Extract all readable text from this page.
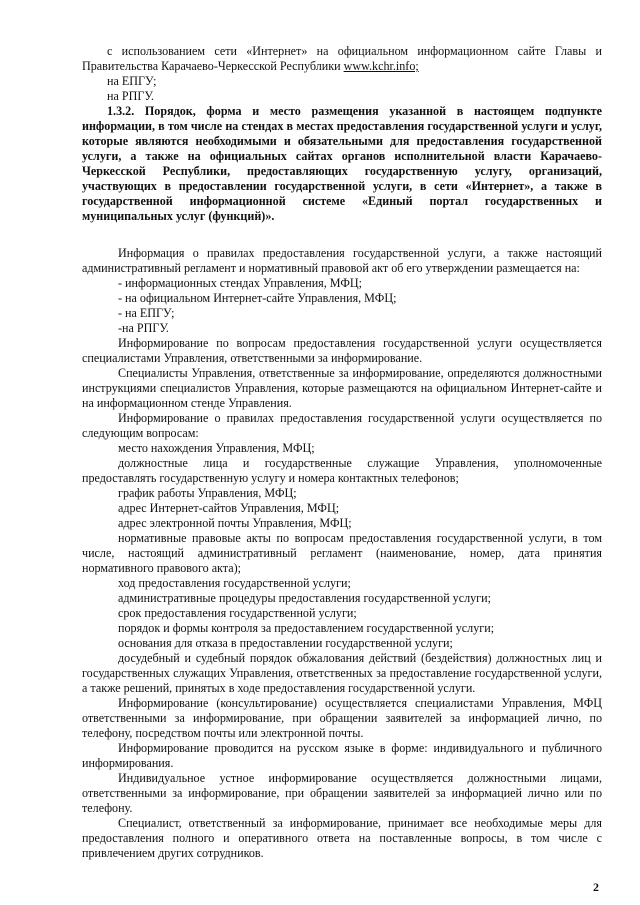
с использованием сети «Интернет» на официальном информационном сайте Главы и Правительства Карачаево-Черкесской Республики www.kchr.info;

на ЕПГУ;

на РПГУ.

1.3.2. Порядок, форма и место размещения указанной в настоящем подпункте информации, в том числе на стендах в местах предоставления государственной услуги и услуг, которые являются необходимыми и обязательными для предоставления государственной услуги, а также на официальных сайтах органов исполнительной власти Карачаево-Черкесской Республики, предоставляющих государственную услугу, организаций, участвующих в предоставлении государственной услуги, в сети «Интернет», а также в государственной информационной системе «Единый портал государственных и муниципальных услуг (функций)».

Информация о правилах предоставления государственной услуги, а также настоящий административный регламент и нормативный правовой акт об его утверждении размещается на:

- информационных стендах Управления, МФЦ;

- на официальном Интернет-сайте Управления, МФЦ;

- на ЕПГУ;

-на РПГУ.

Информирование по вопросам предоставления государственной услуги осуществляется специалистами Управления, ответственными за информирование.

Специалисты Управления, ответственные за информирование, определяются должностными инструкциями специалистов Управления, которые размещаются на официальном Интернет-сайте и на информационном стенде Управления.

Информирование о правилах предоставления государственной услуги осуществляется по следующим вопросам:

место нахождения Управления, МФЦ;

должностные лица и государственные служащие Управления, уполномоченные предоставлять государственную услугу и номера контактных телефонов;

график работы Управления, МФЦ;

адрес Интернет-сайтов Управления, МФЦ;

адрес электронной почты Управления, МФЦ;

нормативные правовые акты по вопросам предоставления государственной услуги, в том числе, настоящий административный регламент (наименование, номер, дата принятия нормативного правового акта);

ход предоставления государственной услуги;

административные процедуры предоставления государственной услуги;

срок предоставления государственной услуги;

порядок и формы контроля за предоставлением государственной услуги;

основания для отказа в предоставлении государственной услуги;

досудебный и судебный порядок обжалования действий (бездействия) должностных лиц и государственных служащих Управления, ответственных за предоставление государственной услуги, а также решений, принятых в ходе предоставления государственной услуги.

Информирование (консультирование) осуществляется специалистами Управления, МФЦ ответственными за информирование, при обращении заявителей за информацией лично, по телефону, посредством почты или электронной почты.

Информирование проводится на русском языке в форме: индивидуального и публичного информирования.

Индивидуальное устное информирование осуществляется должностными лицами, ответственными за информирование, при обращении заявителей за информацией лично или по телефону.

Специалист, ответственный за информирование, принимает все необходимые меры для предоставления полного и оперативного ответа на поставленные вопросы, в том числе с привлечением других сотрудников.

2
